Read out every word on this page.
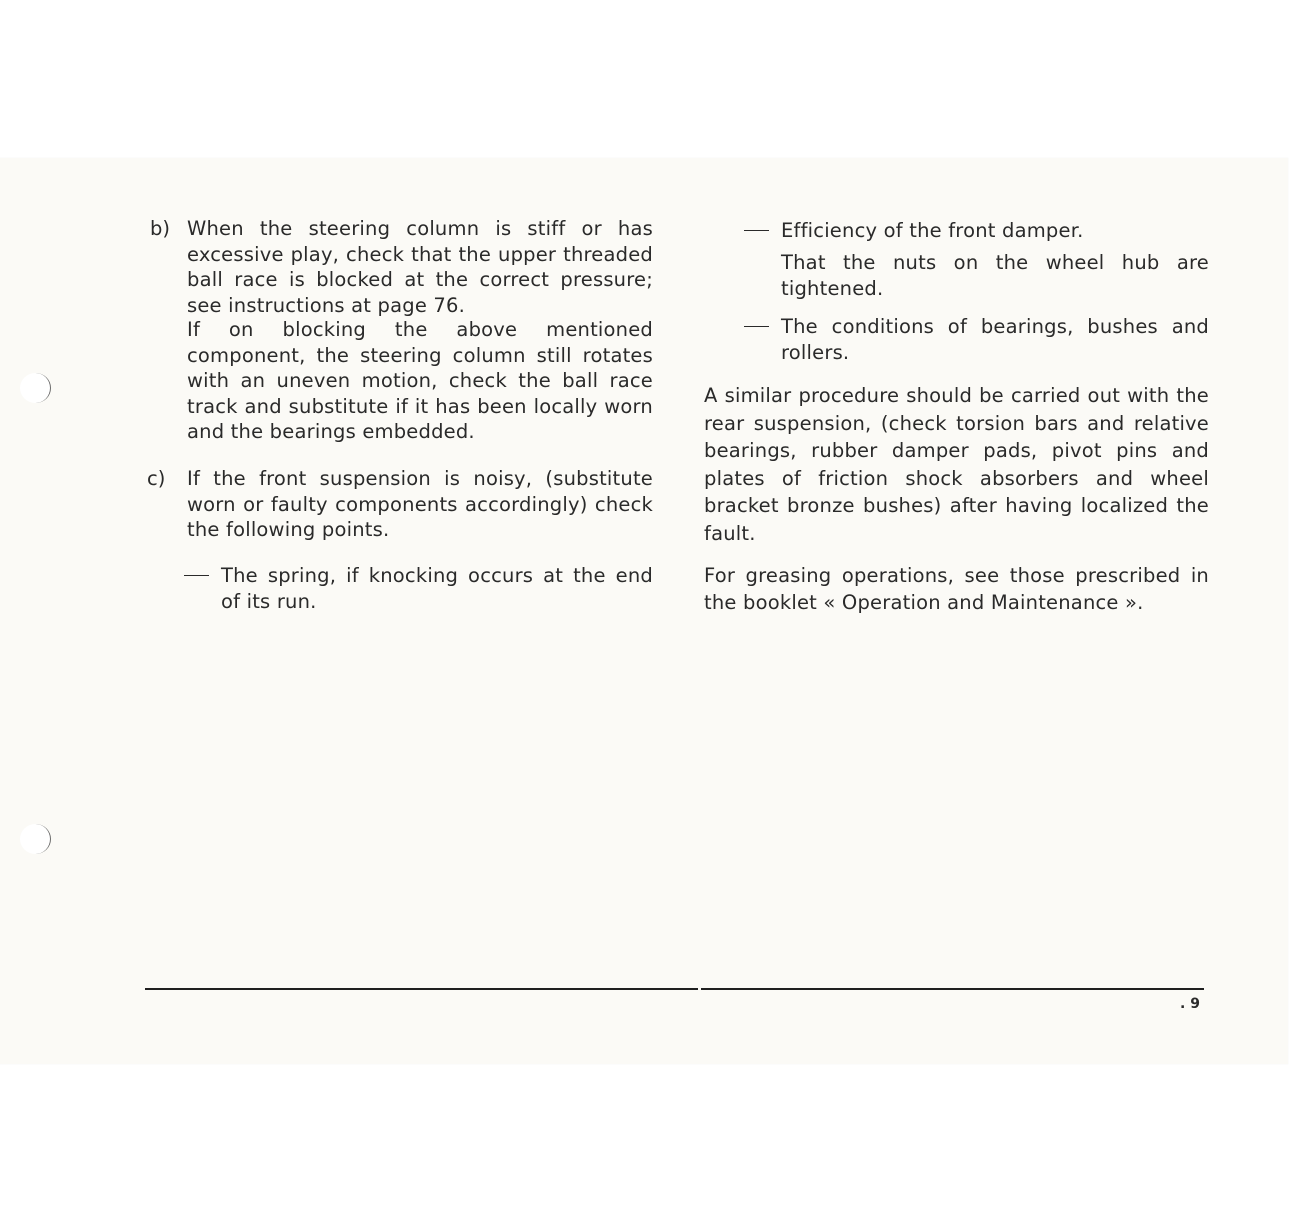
b) When the steering column is stiff or has excessive play, check that the upper threaded ball race is blocked at the correct pressure; see instructions at page 76.

If on blocking the above mentioned component, the steering column still rotates with an uneven motion, check the ball race track and substitute if it has been locally worn and the bearings embedded.

c) If the front suspension is noisy, (substitute worn or faulty components accordingly) check the following points.

The spring, if knocking occurs at the end of its run.

Efficiency of the front damper.

That the nuts on the wheel hub are tightened.

The conditions of bearings, bushes and rollers.

A similar procedure should be carried out with the rear suspension, (check torsion bars and relative bearings, rubber damper pads, pivot pins and plates of friction shock absorbers and wheel bracket bronze bushes) after having localized the fault.

For greasing operations, see those prescribed in the booklet « Operation and Maintenance ».

. 9
